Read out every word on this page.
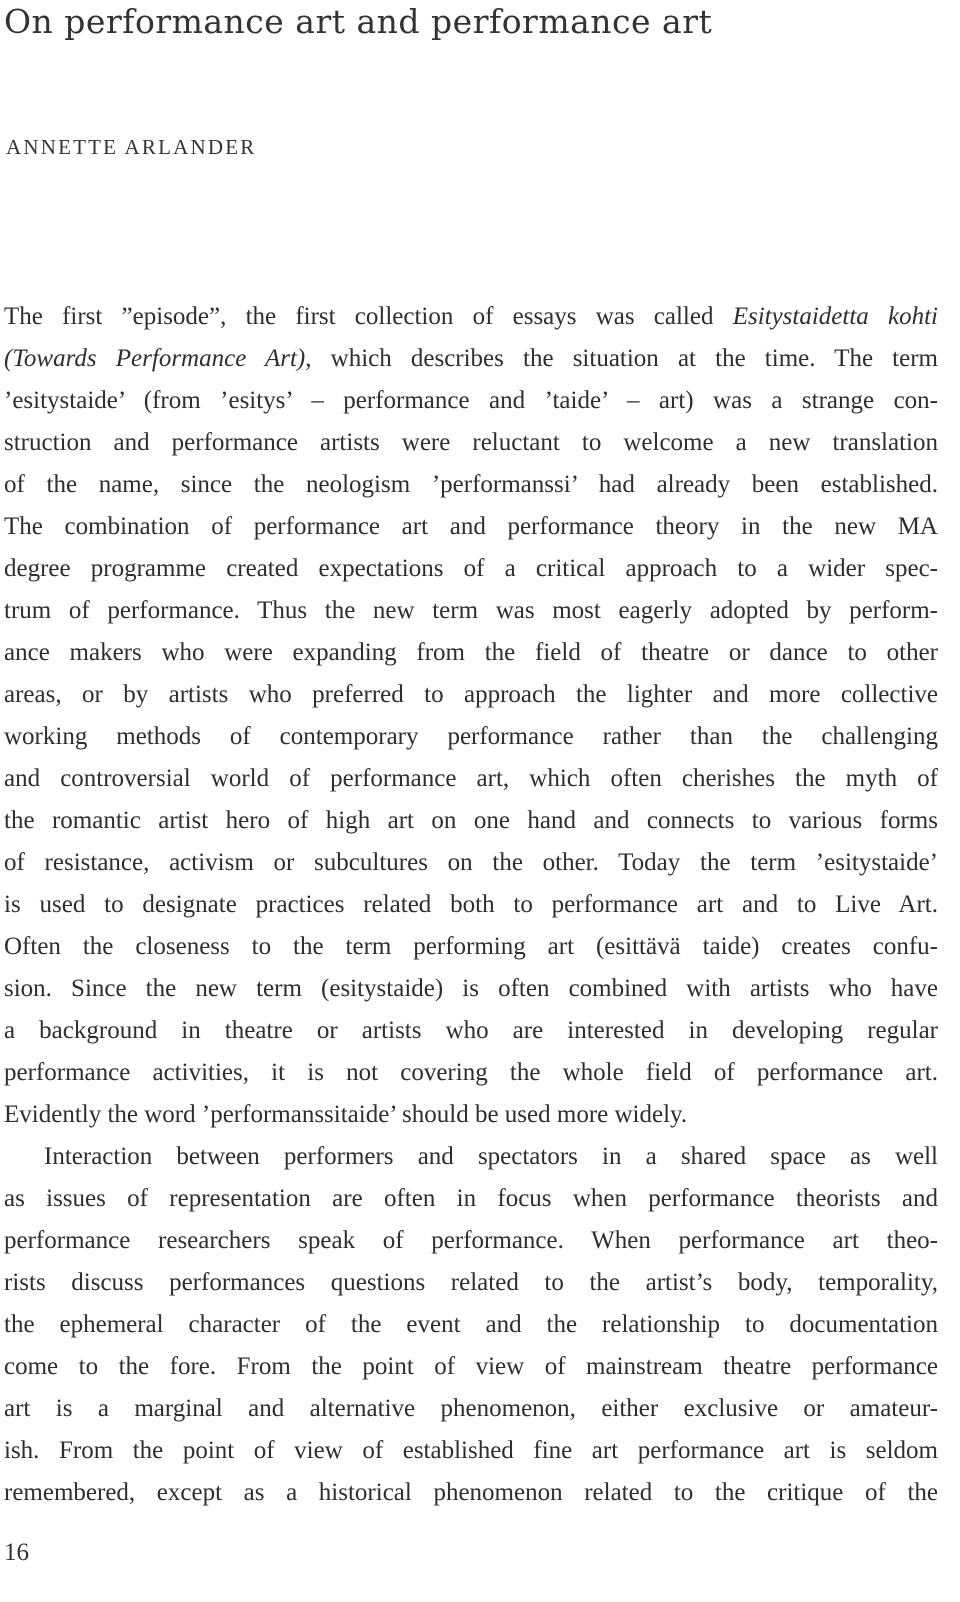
On performance art and performance art
ANNETTE ARLANDER
The first ”episode”, the first collection of essays was called Esitystaidetta kohti
(Towards Performance Art), which describes the situation at the time. The term
’esitystaide’ (from ’esitys’ – performance and ’taide’ – art) was a strange con-
struction and performance artists were reluctant to welcome a new translation
of the name, since the neologism ’performanssi’ had already been established.
The combination of performance art and performance theory in the new MA
degree programme created expectations of a critical approach to a wider spec-
trum of performance. Thus the new term was most eagerly adopted by perform-
ance makers who were expanding from the field of theatre or dance to other
areas, or by artists who preferred to approach the lighter and more collective
working methods of contemporary performance rather than the challenging
and controversial world of performance art, which often cherishes the myth of
the romantic artist hero of high art on one hand and connects to various forms
of resistance, activism or subcultures on the other. Today the term ’esitystaide’
is used to designate practices related both to performance art and to Live Art.
Often the closeness to the term performing art (esittävä taide) creates confu-
sion. Since the new term (esitystaide) is often combined with artists who have
a background in theatre or artists who are interested in developing regular
performance activities, it is not covering the whole field of performance art.
Evidently the word ’performanssitaide’ should be used more widely.
Interaction between performers and spectators in a shared space as well
as issues of representation are often in focus when performance theorists and
performance researchers speak of performance. When performance art theo-
rists discuss performances questions related to the artist’s body, temporality,
the ephemeral character of the event and the relationship to documentation
come to the fore. From the point of view of mainstream theatre performance
art is a marginal and alternative phenomenon, either exclusive or amateur-
ish. From the point of view of established fine art performance art is seldom
remembered, except as a historical phenomenon related to the critique of the
16
